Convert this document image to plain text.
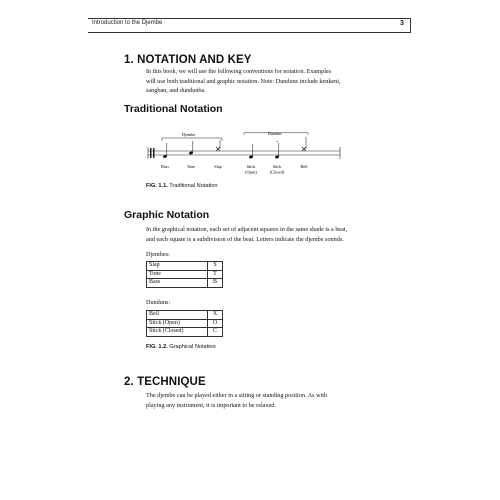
Introduction to the Djembe	3
1. NOTATION AND KEY
In this book, we will use the following conventions for notation. Examples
will use both traditional and graphic notation. Note: Dunduns include kenkeni,
sangban, and dundunba.
Traditional Notation
Djembe	Dundun
+
Bass	Tone	Slap	Stick	Stick	Bell
(Open)	(Closed)
FIG. 1.1. Traditional Notation
Graphic Notation
In the graphical notation, each set of adjacent squares in the same shade is a beat,
and each square is a subdivision of the beat. Letters indicate the djembe sounds.
Djembes:
Slap	S
Tone	T
Bass	B
Dunduns:
Bell	X
Stick (Open)	O
Stick (Closed)	C
FIG. 1.2. Graphical Notation
2. TECHNIQUE
The djembe can be played either in a sitting or standing position. As with
playing any instrument, it is important to be relaxed.
